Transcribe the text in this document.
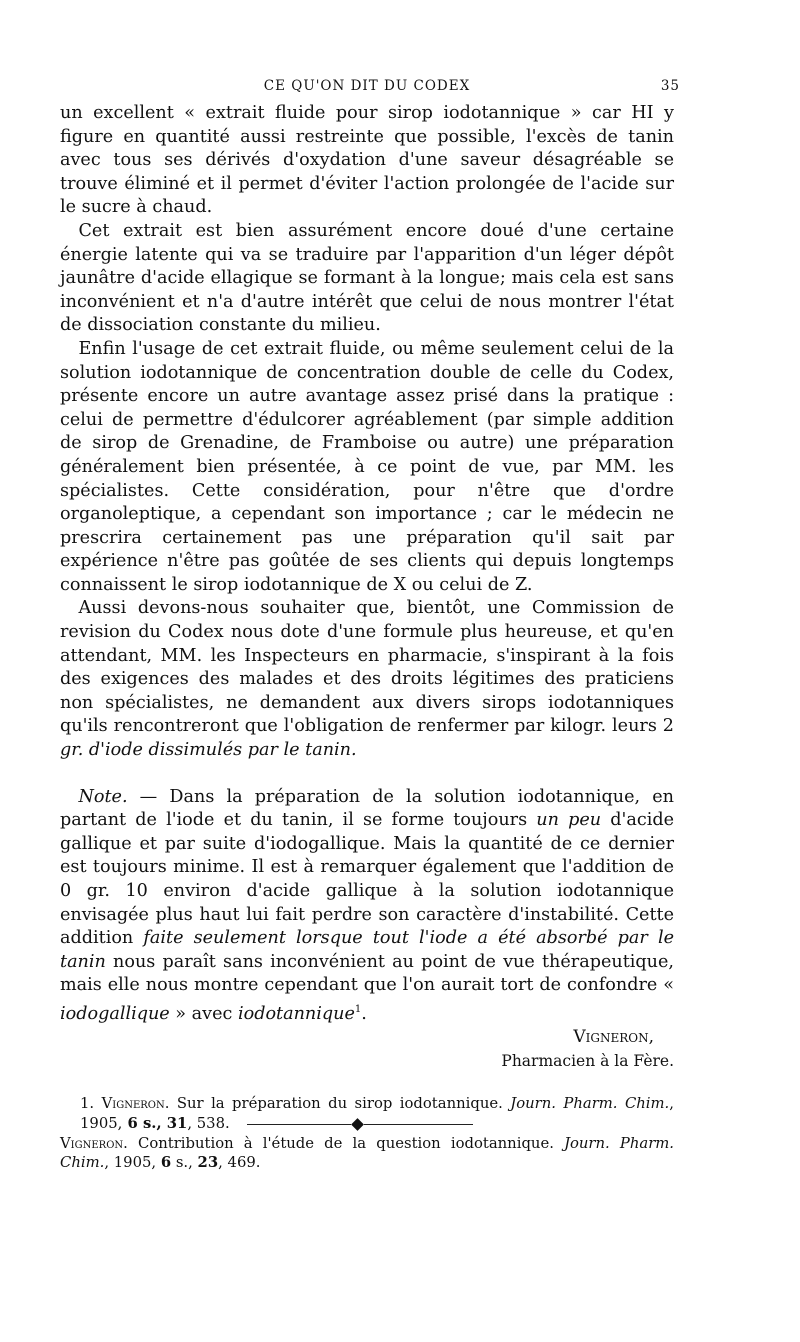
CE QU'ON DIT DU CODEX	35

un excellent « extrait fluide pour sirop iodotannique » car HI y figure en quantité aussi restreinte que possible, l'excès de tanin avec tous ses dérivés d'oxydation d'une saveur désagréable se trouve éliminé et il permet d'éviter l'action prolongée de l'acide sur le sucre à chaud.

Cet extrait est bien assurément encore doué d'une certaine énergie latente qui va se traduire par l'apparition d'un léger dépôt jaunâtre d'acide ellagique se formant à la longue; mais cela est sans inconvénient et n'a d'autre intérêt que celui de nous montrer l'état de dissociation constante du milieu.

Enfin l'usage de cet extrait fluide, ou même seulement celui de la solution iodotannique de concentration double de celle du Codex, présente encore un autre avantage assez prisé dans la pratique : celui de permettre d'édulcorer agréablement (par simple addition de sirop de Grenadine, de Framboise ou autre) une préparation généralement bien présentée, à ce point de vue, par MM. les spécialistes. Cette considération, pour n'être que d'ordre organoleptique, a cependant son importance ; car le médecin ne prescrira certainement pas une préparation qu'il sait par expérience n'être pas goûtée de ses clients qui depuis longtemps connaissent le sirop iodotannique de X ou celui de Z.

Aussi devons-nous souhaiter que, bientôt, une Commission de revision du Codex nous dote d'une formule plus heureuse, et qu'en attendant, MM. les Inspecteurs en pharmacie, s'inspirant à la fois des exigences des malades et des droits légitimes des praticiens non spécialistes, ne demandent aux divers sirops iodotanniques qu'ils rencontreront que l'obligation de renfermer par kilogr. leurs 2 gr. d'iode dissimulés par le tanin.

Note. — Dans la préparation de la solution iodotannique, en partant de l'iode et du tanin, il se forme toujours un peu d'acide gallique et par suite d'iodogallique. Mais la quantité de ce dernier est toujours minime. Il est à remarquer également que l'addition de 0 gr. 10 environ d'acide gallique à la solution iodotannique envisagée plus haut lui fait perdre son caractère d'instabilité. Cette addition faite seulement lorsque tout l'iode a été absorbé par le tanin nous paraît sans inconvénient au point de vue thérapeutique, mais elle nous montre cependant que l'on aurait tort de confondre « iodogallique » avec iodotannique$^1$.

Vigneron,
Pharmacien à la Fère.

1. Vigneron. Sur la préparation du sirop iodotannique. Journ. Pharm. Chim., 1905, 6 s., 31, 538.

Vigneron. Contribution à l'étude de la question iodotannique. Journ. Pharm. Chim., 1905, 6 s., 23, 469.
